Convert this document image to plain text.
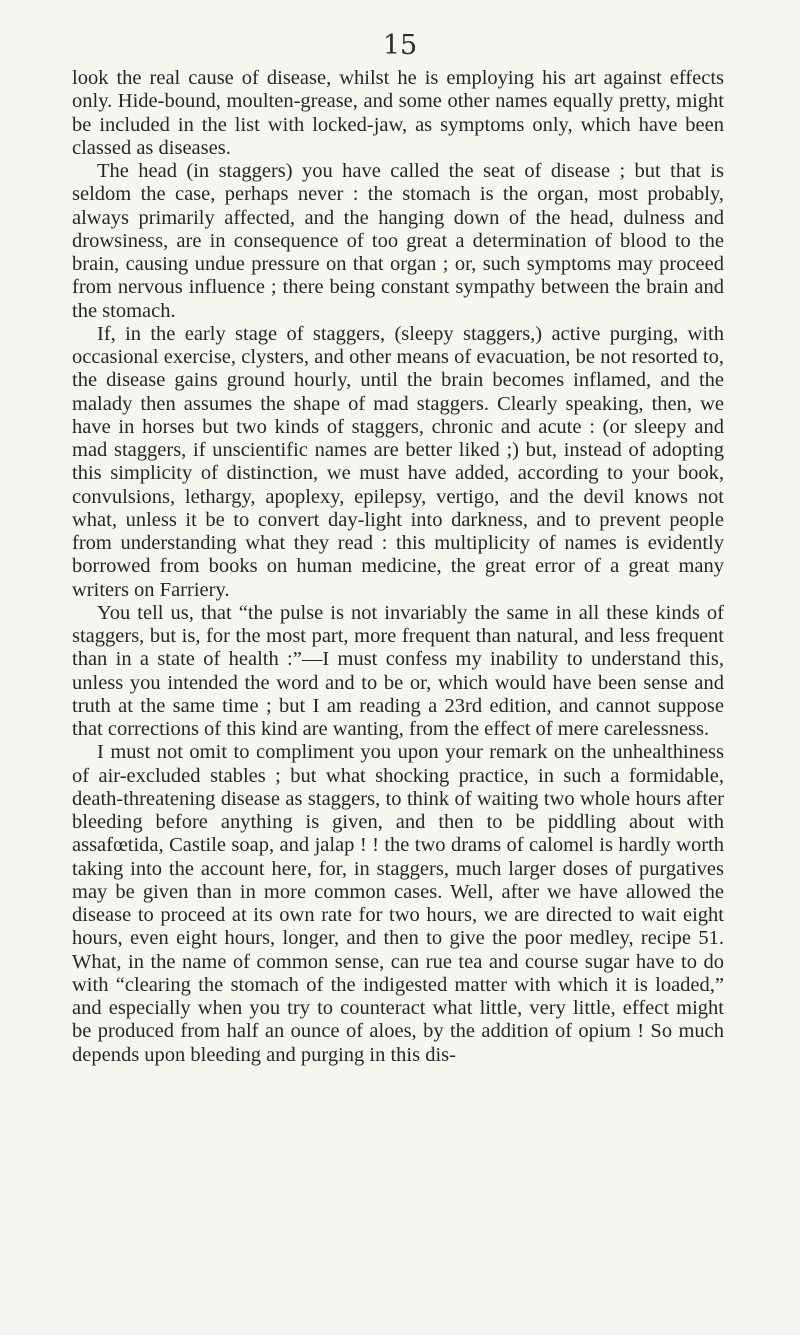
15

look the real cause of disease, whilst he is employing his art against effects only. Hide-bound, moulten-grease, and some other names equally pretty, might be included in the list with locked-jaw, as symptoms only, which have been classed as diseases.

The head (in staggers) you have called the seat of disease ; but that is seldom the case, perhaps never : the stomach is the organ, most probably, always primarily affected, and the hanging down of the head, dulness and drowsiness, are in consequence of too great a determination of blood to the brain, causing undue pressure on that organ ; or, such symptoms may proceed from nervous influence ; there being constant sympathy between the brain and the stomach.

If, in the early stage of staggers, (sleepy staggers,) active purging, with occasional exercise, clysters, and other means of evacuation, be not resorted to, the disease gains ground hourly, until the brain becomes inflamed, and the malady then assumes the shape of mad staggers. Clearly speaking, then, we have in horses but two kinds of staggers, chronic and acute : (or sleepy and mad staggers, if unscientific names are better liked ;) but, instead of adopting this simplicity of distinction, we must have added, according to your book, convulsions, lethargy, apoplexy, epilepsy, vertigo, and the devil knows not what, unless it be to convert day-light into darkness, and to prevent people from understanding what they read : this multiplicity of names is evidently borrowed from books on human medicine, the great error of a great many writers on Farriery.

You tell us, that “the pulse is not invariably the same in all these kinds of staggers, but is, for the most part, more frequent than natural, and less frequent than in a state of health :”—I must confess my inability to understand this, unless you intended the word and to be or, which would have been sense and truth at the same time ; but I am reading a 23rd edition, and cannot suppose that corrections of this kind are wanting, from the effect of mere carelessness.

I must not omit to compliment you upon your remark on the unhealthiness of air-excluded stables ; but what shocking practice, in such a formidable, death-threatening disease as staggers, to think of waiting two whole hours after bleeding before anything is given, and then to be piddling about with assafœtida, Castile soap, and jalap ! ! the two drams of calomel is hardly worth taking into the account here, for, in staggers, much larger doses of purgatives may be given than in more common cases. Well, after we have allowed the disease to proceed at its own rate for two hours, we are directed to wait eight hours, even eight hours, longer, and then to give the poor medley, recipe 51. What, in the name of common sense, can rue tea and course sugar have to do with “clearing the stomach of the indigested matter with which it is loaded,” and especially when you try to counteract what little, very little, effect might be produced from half an ounce of aloes, by the addition of opium ! So much depends upon bleeding and purging in this dis-
